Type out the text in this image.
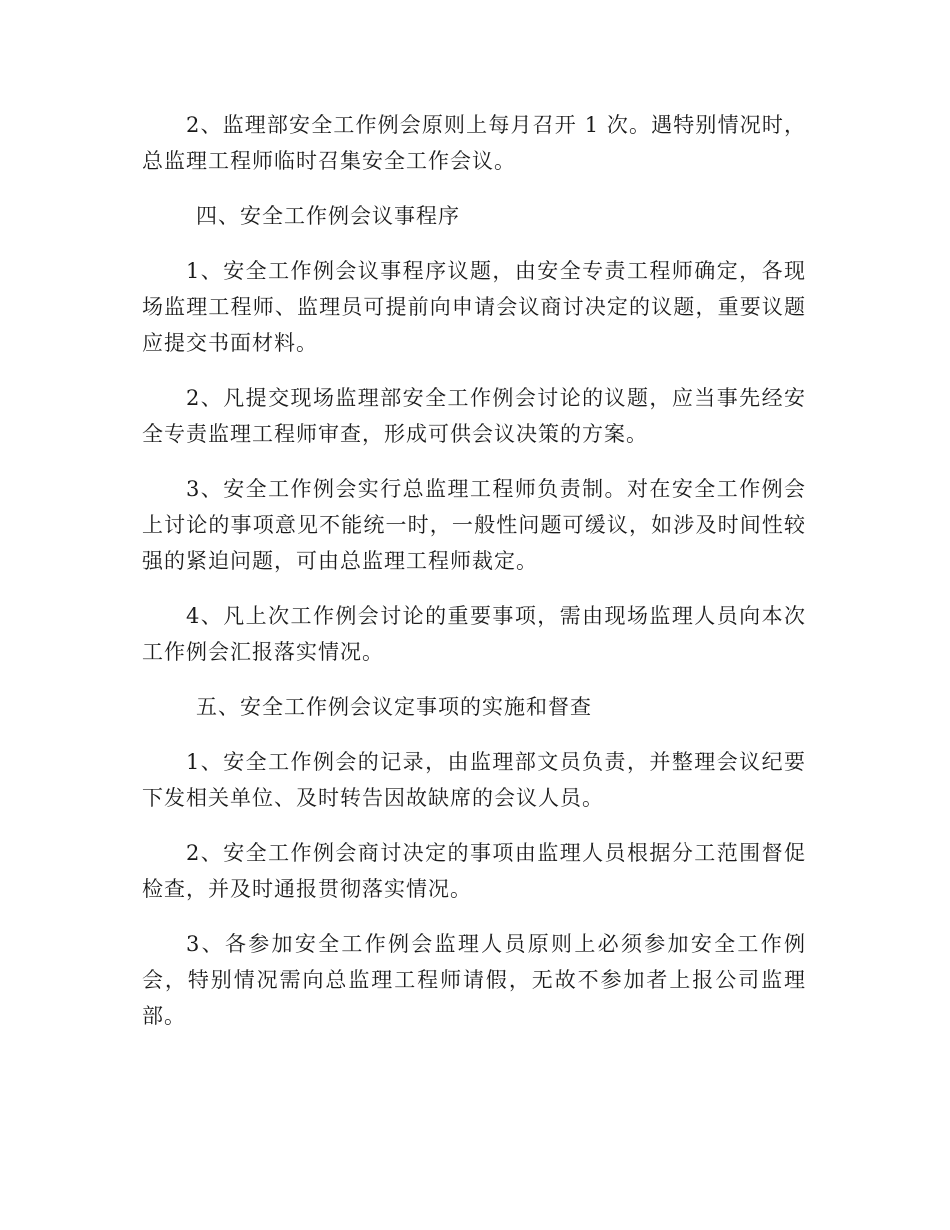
2、监理部安全工作例会原则上每月召开 1 次。遇特别情况时，总监理工程师临时召集安全工作会议。

四、安全工作例会议事程序

1、安全工作例会议事程序议题，由安全专责工程师确定，各现场监理工程师、监理员可提前向申请会议商讨决定的议题，重要议题应提交书面材料。

2、凡提交现场监理部安全工作例会讨论的议题，应当事先经安全专责监理工程师审查，形成可供会议决策的方案。

3、安全工作例会实行总监理工程师负责制。对在安全工作例会上讨论的事项意见不能统一时，一般性问题可缓议，如涉及时间性较强的紧迫问题，可由总监理工程师裁定。

4、凡上次工作例会讨论的重要事项，需由现场监理人员向本次工作例会汇报落实情况。

五、安全工作例会议定事项的实施和督查

1、安全工作例会的记录，由监理部文员负责，并整理会议纪要下发相关单位、及时转告因故缺席的会议人员。

2、安全工作例会商讨决定的事项由监理人员根据分工范围督促检查，并及时通报贯彻落实情况。

3、各参加安全工作例会监理人员原则上必须参加安全工作例会，特别情况需向总监理工程师请假，无故不参加者上报公司监理部。
